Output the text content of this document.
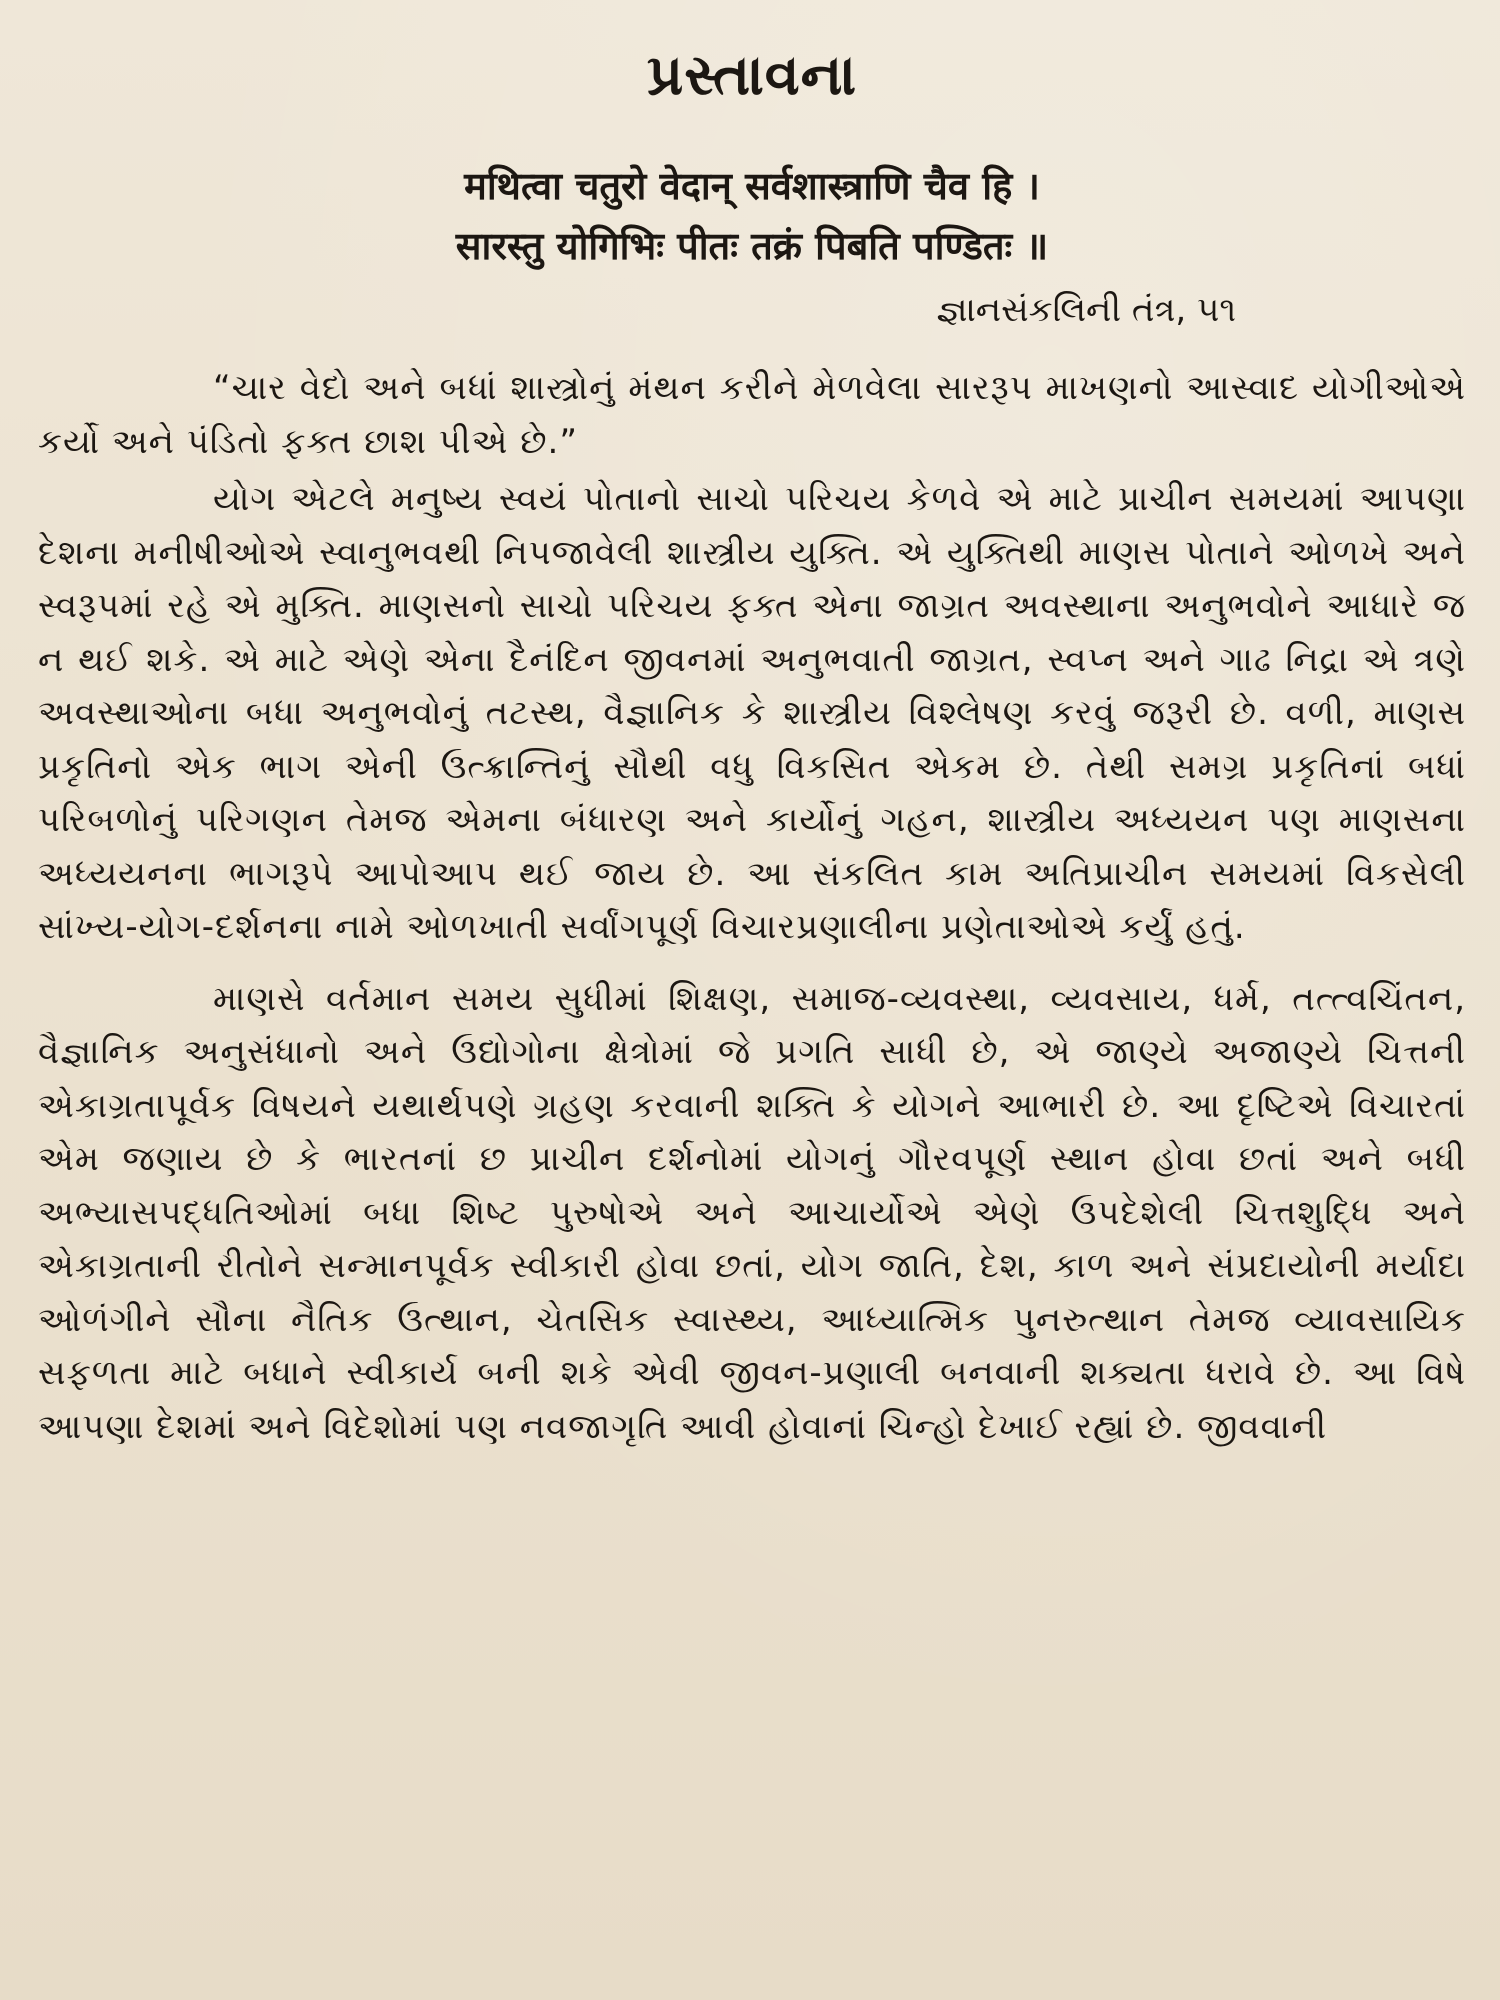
પ્રસ્તાવના

मथित्वा चतुरो वेदान् सर्वशास्त्राणि चैव हि ।

सारस्तु योगिभिः पीतः तक्रं पिबति पण्डितः ॥

જ્ઞાનસંકલિની તંત્ર, ૫૧

“ચાર વેદો અને બધાં શાસ્ત્રોનું મંથન કરીને મેળવેલા સારરૂપ માખણનો આસ્વાદ યોગીઓએ કર્યો અને પંડિતો ફક્ત છાશ પીએ છે.”

યોગ એટલે મનુષ્ય સ્વયં પોતાનો સાચો પરિચય કેળવે એ માટે પ્રાચીન સમયમાં આપણા દેશના મનીષીઓએ સ્વાનુભવથી નિપજાવેલી શાસ્ત્રીય યુક્તિ. એ યુક્તિથી માણસ પોતાને ઓળખે અને સ્વરૂપમાં રહે એ મુક્તિ. માણસનો સાચો પરિચય ફક્ત એના જાગ્રત અવસ્થાના અનુભવોને આધારે જ ન થઈ શકે. એ માટે એણે એના દૈનંદિન જીવનમાં અનુભવાતી જાગ્રત, સ્વપ્ન અને ગાઢ નિદ્રા એ ત્રણે અવસ્થાઓના બધા અનુભવોનું તટસ્થ, વૈજ્ઞાનિક કે શાસ્ત્રીય વિશ્લેષણ કરવું જરૂરી છે. વળી, માણસ પ્રકૃતિનો એક ભાગ એની ઉત્ક્રાન્તિનું સૌથી વધુ વિકસિત એકમ છે. તેથી સમગ્ર પ્રકૃતિનાં બધાં પરિબળોનું પરિગણન તેમજ એમના બંધારણ અને કાર્યોનું ગહન, શાસ્ત્રીય અધ્યયન પણ માણસના અધ્યયનના ભાગરૂપે આપોઆપ થઈ જાય છે. આ સંકલિત કામ અતિપ્રાચીન સમયમાં વિકસેલી સાંખ્ય-યોગ-દર્શનના નામે ઓળખાતી સર્વાંગપૂર્ણ વિચારપ્રણાલીના પ્રણેતાઓએ કર્યું હતું.

માણસે વર્તમાન સમય સુધીમાં શિક્ષણ, સમાજ-વ્યવસ્થા, વ્યવસાય, ધર્મ, તત્ત્વચિંતન, વૈજ્ઞાનિક અનુસંધાનો અને ઉદ્યોગોના ક્ષેત્રોમાં જે પ્રગતિ સાધી છે, એ જાણ્યે અજાણ્યે ચિત્તની એકાગ્રતાપૂર્વક વિષયને યથાર્થપણે ગ્રહણ કરવાની શક્તિ કે યોગને આભારી છે. આ દૃષ્ટિએ વિચારતાં એમ જણાય છે કે ભારતનાં છ પ્રાચીન દર્શનોમાં યોગનું ગૌરવપૂર્ણ સ્થાન હોવા છતાં અને બધી અભ્યાસપદ્ધતિઓમાં બધા શિષ્ટ પુરુષોએ અને આચાર્યોએ એણે ઉપદેશેલી ચિત્તશુદ્ધિ અને એકાગ્રતાની રીતોને સન્માનપૂર્વક સ્વીકારી હોવા છતાં, યોગ જાતિ, દેશ, કાળ અને સંપ્રદાયોની મર્યાદા ઓળંગીને સૌના નૈતિક ઉત્થાન, ચેતસિક સ્વાસ્થ્ય, આધ્યાત્મિક પુનરુત્થાન તેમજ વ્યાવસાયિક સફળતા માટે બધાને સ્વીકાર્ય બની શકે એવી જીવન-પ્રણાલી બનવાની શક્યતા ધરાવે છે. આ વિષે આપણા દેશમાં અને વિદેશોમાં પણ નવજાગૃતિ આવી હોવાનાં ચિન્હો દેખાઈ રહ્યાં છે. જીવવાની
